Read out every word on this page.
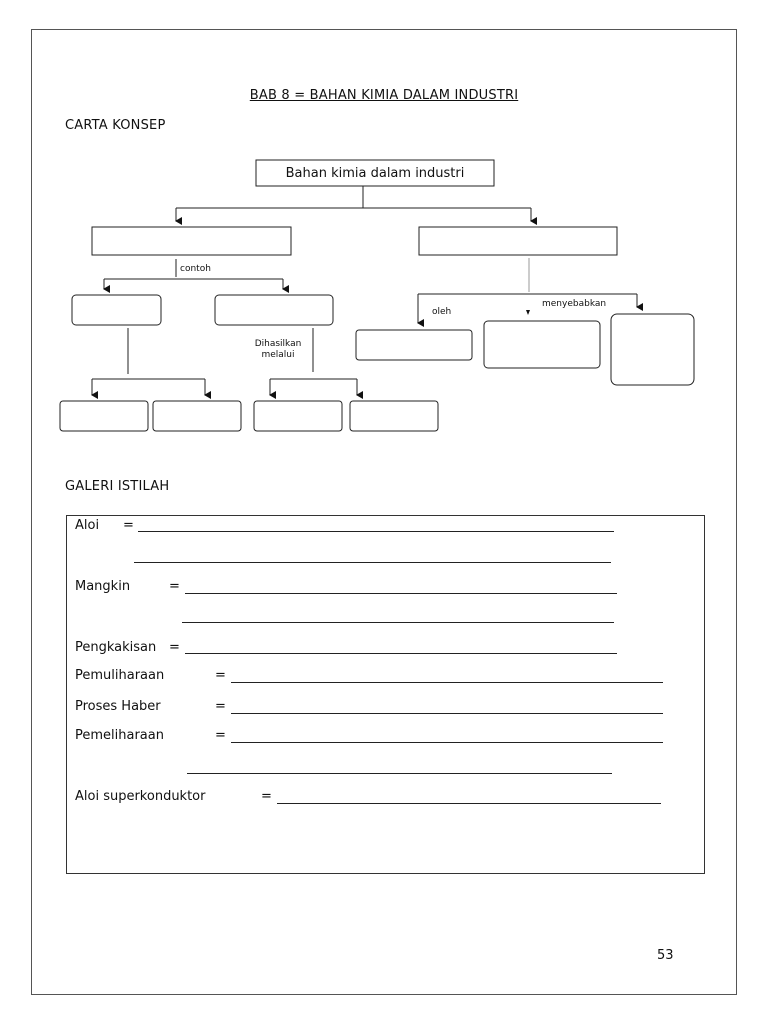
BAB 8 = BAHAN KIMIA DALAM INDUSTRI
CARTA KONSEP
Bahan kimia dalam industri
contoh
Dihasilkan
melalui
oleh
menyebabkan
GALERI ISTILAH
Aloi =
Mangkin	=
Pengkakisan =
Pemuliharaan	=
Proses Haber	=
Pemeliharaan	=
Aloi superkonduktor	=
53
